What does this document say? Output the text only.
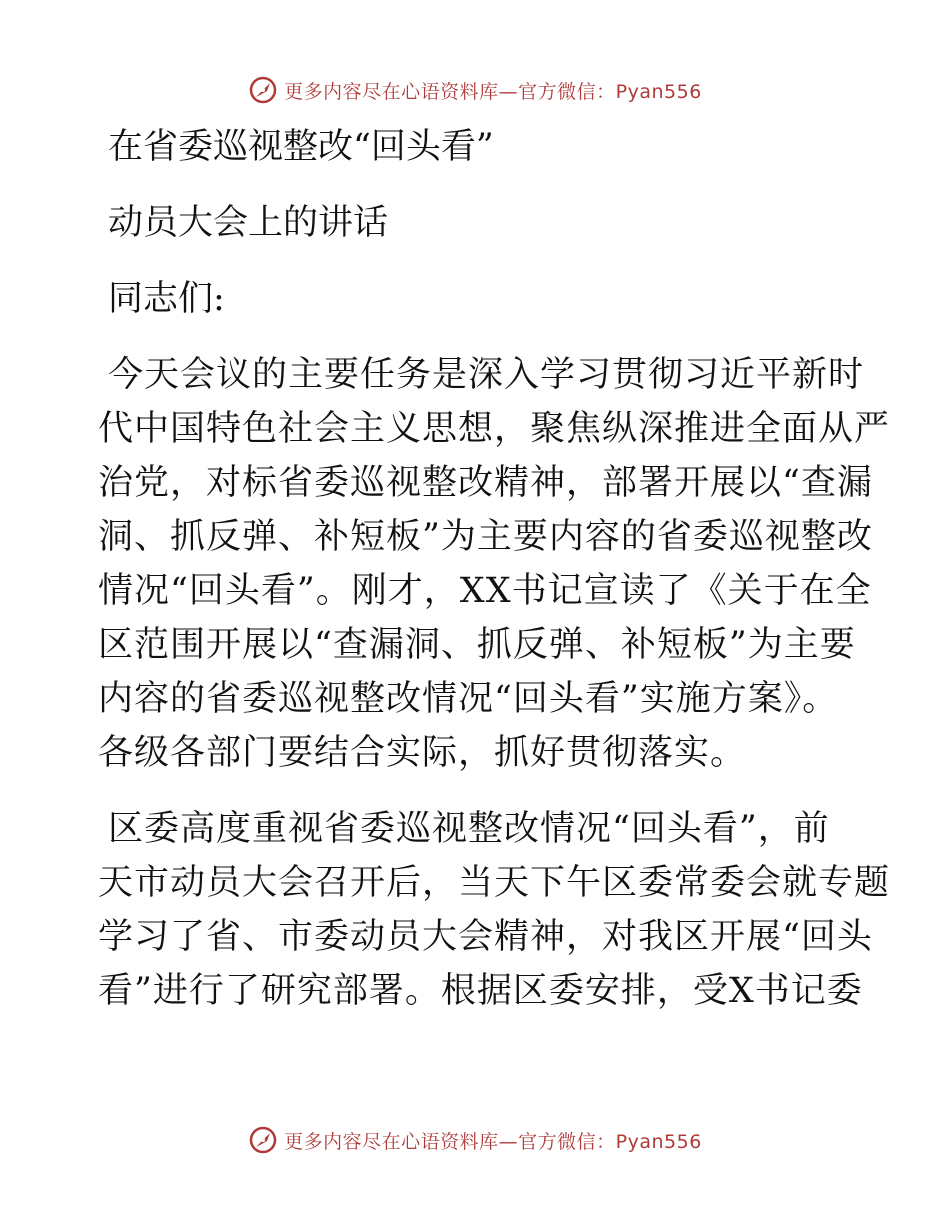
更多内容尽在心语资料库—官方微信：Pyan556
在省委巡视整改“回头看”
动员大会上的讲话
同志们:
今天会议的主要任务是深入学习贯彻习近平新时
代中国特色社会主义思想，聚焦纵深推进全面从严
治党，对标省委巡视整改精神，部署开展以“查漏
洞、抓反弹、补短板”为主要内容的省委巡视整改
情况“回头看”。刚才，XX书记宣读了《关于在全
区范围开展以“查漏洞、抓反弹、补短板”为主要
内容的省委巡视整改情况“回头看”实施方案》。
各级各部门要结合实际，抓好贯彻落实。
区委高度重视省委巡视整改情况“回头看”，前
天市动员大会召开后，当天下午区委常委会就专题
学习了省、市委动员大会精神，对我区开展“回头
看”进行了研究部署。根据区委安排，受X书记委
更多内容尽在心语资料库—官方微信：Pyan556
